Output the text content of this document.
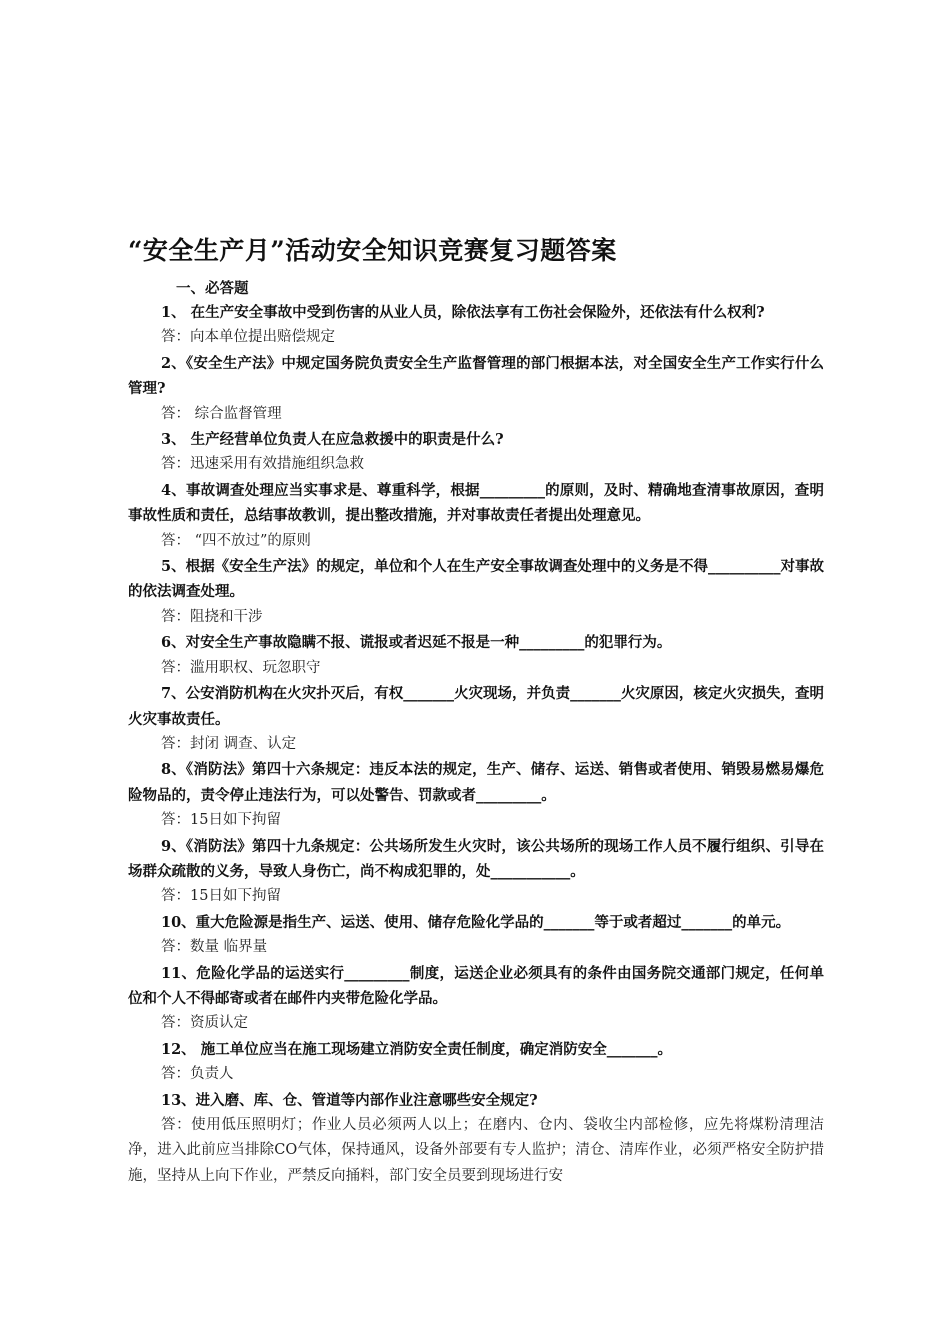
“安全生产月”活动安全知识竞赛复习题答案
一、必答题

1、 在生产安全事故中受到伤害的从业人员，除依法享有工伤社会保险外，还依法有什么权利?

答：向本单位提出赔偿规定

2、《安全生产法》中规定国务院负责安全生产监督管理的部门根据本法，对全国安全生产工作实行什么管理?

答： 综合监督管理

3、 生产经营单位负责人在应急救援中的职责是什么?

答：迅速采用有效措施组织急救

4、事故调查处理应当实事求是、尊重科学，根据_________的原则，及时、精确地查清事故原因，查明事故性质和责任，总结事故教训，提出整改措施，并对事故责任者提出处理意见。

答： “四不放过”的原则

5、根据《安全生产法》的规定，单位和个人在生产安全事故调查处理中的义务是不得__________对事故的依法调查处理。

答：阻挠和干涉

6、对安全生产事故隐瞒不报、谎报或者迟延不报是一种_________的犯罪行为。

答：滥用职权、玩忽职守

7、公安消防机构在火灾扑灭后，有权_______火灾现场，并负责_______火灾原因，核定火灾损失，查明火灾事故责任。

答：封闭 调查、认定

8、《消防法》第四十六条规定：违反本法的规定，生产、储存、运送、销售或者使用、销毁易燃易爆危险物品的，责令停止违法行为，可以处警告、罚款或者_________。

答：15日如下拘留

9、《消防法》第四十九条规定：公共场所发生火灾时，该公共场所的现场工作人员不履行组织、引导在场群众疏散的义务，导致人身伤亡，尚不构成犯罪的，处___________。

答：15日如下拘留

10、重大危险源是指生产、运送、使用、储存危险化学品的_______等于或者超过_______的单元。

答：数量 临界量

11、危险化学品的运送实行_________制度，运送企业必须具有的条件由国务院交通部门规定，任何单位和个人不得邮寄或者在邮件内夹带危险化学品。

答：资质认定

12、 施工单位应当在施工现场建立消防安全责任制度，确定消防安全_______。

答：负责人

13、进入磨、库、仓、管道等内部作业注意哪些安全规定?

答：使用低压照明灯；作业人员必须两人以上；在磨内、仓内、袋收尘内部检修，应先将煤粉清理洁净，进入此前应当排除CO气体，保持通风，设备外部要有专人监护；清仓、清库作业，必须严格安全防护措施，坚持从上向下作业，严禁反向捅料，部门安全员要到现场进行安
